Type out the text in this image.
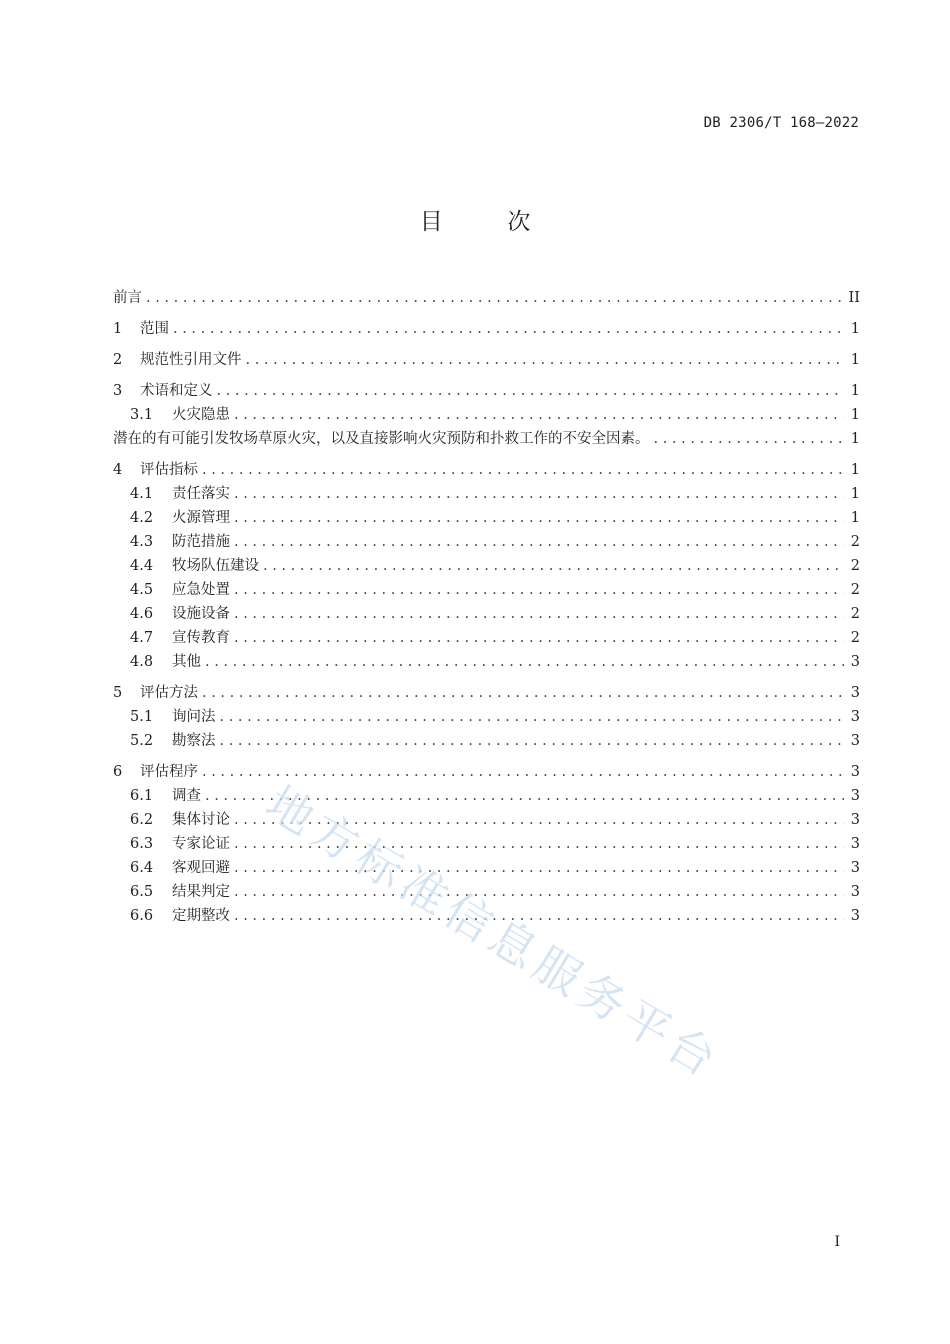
DB 2306/T 168—2022
目	次
前言 . . .	II
1	范围 . . .	1
2	规范性引用文件 . . .	1
3	术语和定义 . . .	1
3.1	火灾隐患 . . .	1
潜在的有可能引发牧场草原火灾，以及直接影响火灾预防和扑救工作的不安全因素。 . . .	1
4	评估指标 . . .	1
4.1	责任落实 . . .	1
4.2	火源管理 . . .	1
4.3	防范措施 . . .	2
4.4	牧场队伍建设 . . .	2
4.5	应急处置 . . .	2
4.6	设施设备 . . .	2
4.7	宣传教育 . . .	2
4.8	其他 . . .	3
5	评估方法 . . .	3
5.1	询问法 . . .	3
5.2	勘察法 . . .	3
6	评估程序 . . .	3
6.1	调查 . . .	3
6.2	集体讨论 . . .	3
6.3	专家论证 . . .	3
6.4	客观回避 . . .	3
6.5	结果判定 . . .	3
6.6	定期整改 . . .	3
地方标准信息服务平台
I
